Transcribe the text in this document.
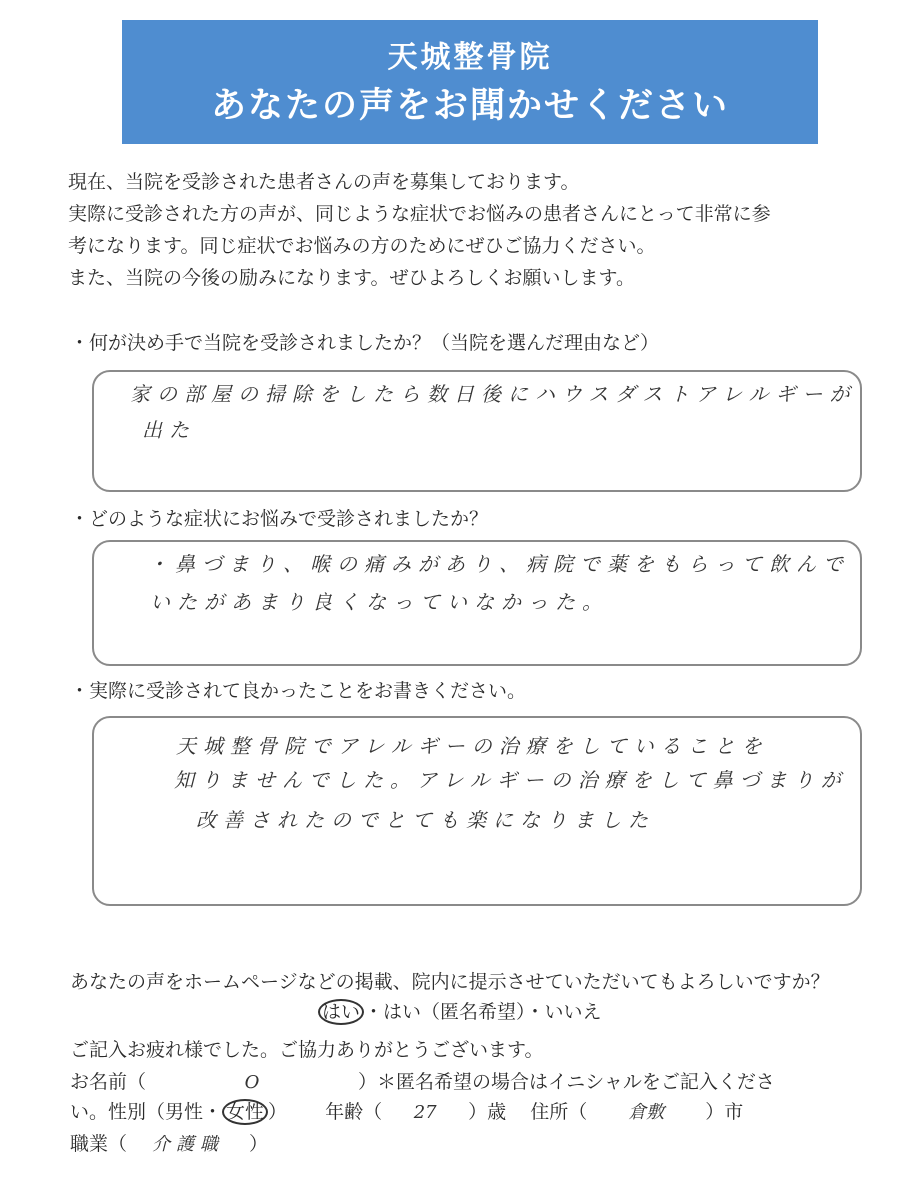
天城整骨院
あなたの声をお聞かせください

現在、当院を受診された患者さんの声を募集しております。

実際に受診された方の声が、同じような症状でお悩みの患者さんにとって非常に参

考になります。同じ症状でお悩みの方のためにぜひご協力ください。

また、当院の今後の励みになります。ぜひよろしくお願いします。

・何が決め手で当院を受診されましたか？（当院を選んだ理由など）
家の部屋の掃除をしたら数日後にハウスダストアレルギーが
出た
・どのような症状にお悩みで受診されましたか？
・鼻づまり、喉の痛みがあり、病院で薬をもらって飲んで
いたがあまり良くなっていなかった。
・実際に受診されて良かったことをお書きください。
天城整骨院でアレルギーの治療をしていることを
知りませんでした。アレルギーの治療をして鼻づまりが
改善されたのでとても楽になりました
あなたの声をホームページなどの掲載、院内に提示させていただいてもよろしいですか？
はい ・はい（匿名希望）・いいえ
ご記入お疲れ様でした。ご協力ありがとうございます。
お名前（	O	）＊匿名希望の場合はイニシャルをご記入くださ
い。性別（男性・ 女性 ） 年齢（ 27 ）歳 住所（ 倉敷 ）市
職業（ 介護職 ）
